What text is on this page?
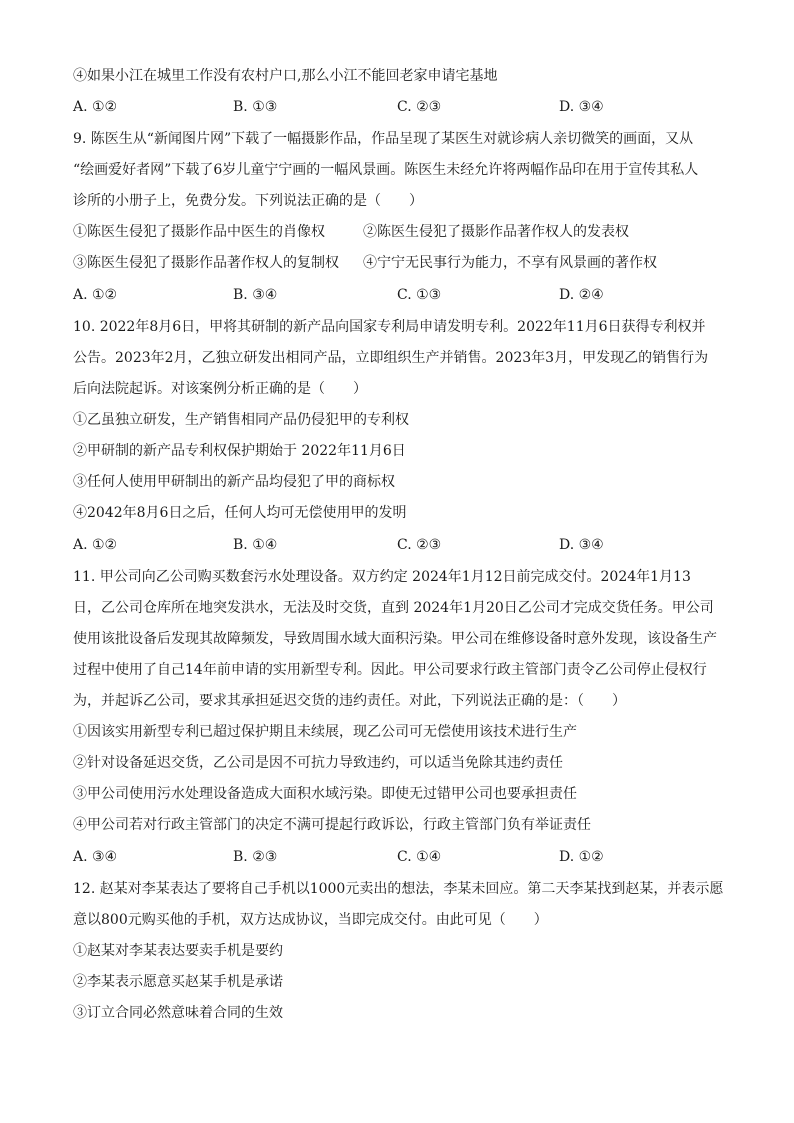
④如果小江在城里工作没有农村户口,那么小江不能回老家申请宅基地
A. ①②	B. ①③	C. ②③	D. ③④
9. 陈医生从“新闻图片网”下载了一幅摄影作品，作品呈现了某医生对就诊病人亲切微笑的画面，又从
“绘画爱好者网”下载了6岁儿童宁宁画的一幅风景画。陈医生未经允许将两幅作品印在用于宣传其私人
诊所的小册子上，免费分发。下列说法正确的是（　　）
①陈医生侵犯了摄影作品中医生的肖像权	②陈医生侵犯了摄影作品著作权人的发表权
③陈医生侵犯了摄影作品著作权人的复制权 ④宁宁无民事行为能力，不享有风景画的著作权
A. ①②	B. ③④	C. ①③	D. ②④
10. 2022年8月6日，甲将其研制的新产品向国家专利局申请发明专利。2022年11月6日获得专利权并
公告。2023年2月，乙独立研发出相同产品，立即组织生产并销售。2023年3月，甲发现乙的销售行为
后向法院起诉。对该案例分析正确的是（　　）
①乙虽独立研发，生产销售相同产品仍侵犯甲的专利权
②甲研制的新产品专利权保护期始于 2022年11月6日
③任何人使用甲研制出的新产品均侵犯了甲的商标权
④2042年8月6日之后，任何人均可无偿使用甲的发明
A. ①②	B. ①④	C. ②③	D. ③④
11. 甲公司向乙公司购买数套污水处理设备。双方约定 2024年1月12日前完成交付。2024年1月13
日，乙公司仓库所在地突发洪水，无法及时交货，直到 2024年1月20日乙公司才完成交货任务。甲公司
使用该批设备后发现其故障频发，导致周围水域大面积污染。甲公司在维修设备时意外发现，该设备生产
过程中使用了自己14年前申请的实用新型专利。因此。甲公司要求行政主管部门责令乙公司停止侵权行
为，并起诉乙公司，要求其承担延迟交货的违约责任。对此，下列说法正确的是：（　　）
①因该实用新型专利已超过保护期且未续展，现乙公司可无偿使用该技术进行生产
②针对设备延迟交货，乙公司是因不可抗力导致违约，可以适当免除其违约责任
③甲公司使用污水处理设备造成大面积水域污染。即使无过错甲公司也要承担责任
④甲公司若对行政主管部门的决定不满可提起行政诉讼，行政主管部门负有举证责任
A. ③④	B. ②③	C. ①④	D. ①②
12. 赵某对李某表达了要将自己手机以1000元卖出的想法，李某未回应。第二天李某找到赵某，并表示愿
意以800元购买他的手机，双方达成协议，当即完成交付。由此可见（　　）
①赵某对李某表达要卖手机是要约
②李某表示愿意买赵某手机是承诺
③订立合同必然意味着合同的生效
